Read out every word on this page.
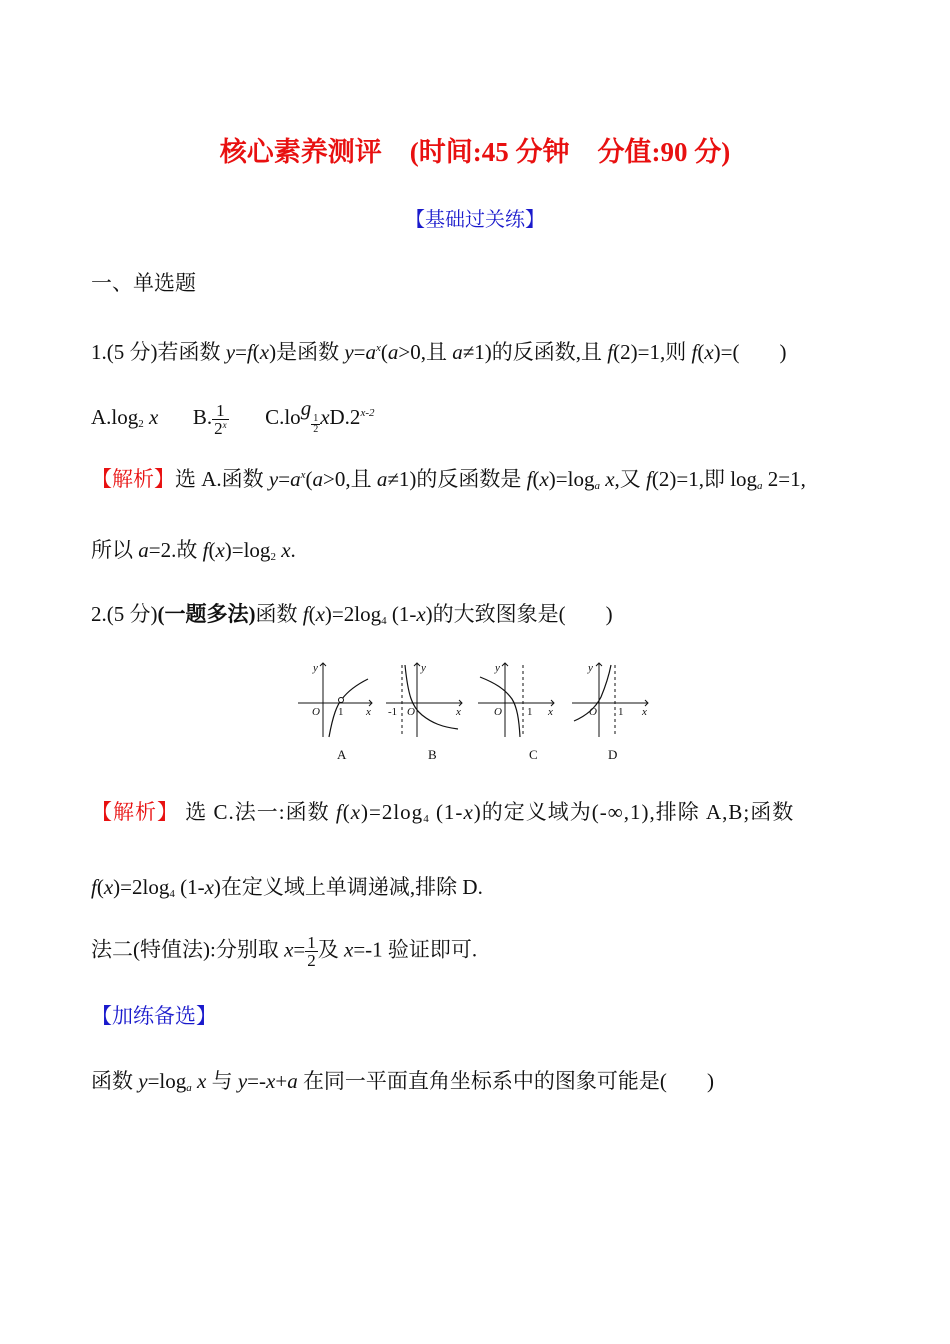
核心素养测评 (时间:45 分钟 分值:90 分)
【基础过关练】
一、单选题
1.(5 分)若函数 y=f(x)是函数 $y=a^x(a>0$,且 a≠1)的反函数,且 f(2)=1,则 f(x)=( )
$A.\log_2$ x B. $\frac{1}{2^x} C.\log$
$\frac{1}{2} xD.2^{x-2}$
【解析】选 A.函数 $y=a^x(a>0$,且 a≠1)的反函数是 $f(x)=\log_a$ x,又 f(2)=1,即 $\log_a 2=1$,
所以 a=2.故 $f(x)=\log_2$ x.
2.(5 分)(一题多法)函数 $f(x)=2\log_4$ (1-x)的大致图象是( )
y
x
O 1
A
y
x
O
-1
B
y
x
O 1
C
y
x
O 1
D
【解析】 选 C.法一:函数 $f(x)=2\log_4$ (1-x)的定义域为(-∞,1),排除 A,B;函数
$f(x)=2\log_4$ (1-x)在定义域上单调递减,排除 D.
法二(特值法):分别取 $x= \frac{1}{2}$ 及 x=-1 验证即可.
【加练备选】
函数 $y=\log_a$ x 与 y=-x+a 在同一平面直角坐标系中的图象可能是( )
